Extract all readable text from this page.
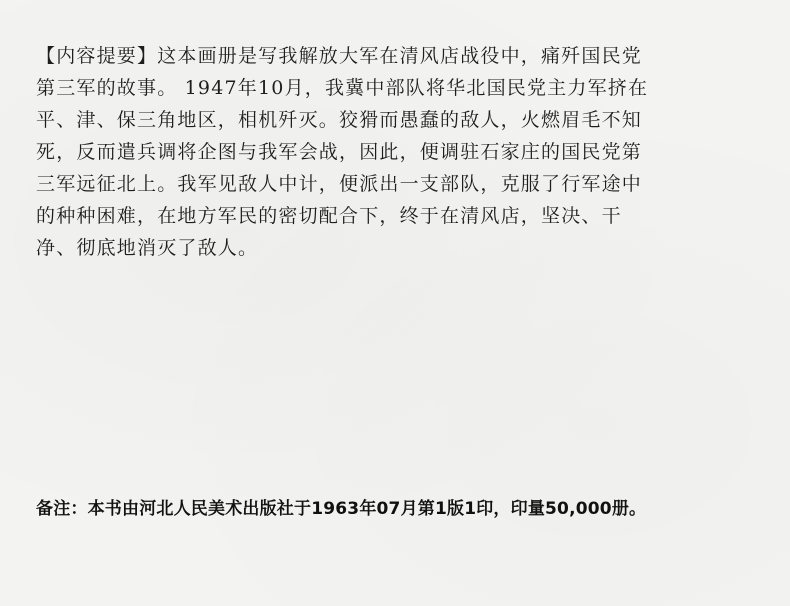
【内容提要】这本画册是写我解放大军在清风店战役中，痛歼国民党
第三军的故事。 1947年10月，我冀中部队将华北国民党主力军挤在
平、津、保三角地区，相机歼灭。狡猾而愚蠢的敌人，火燃眉毛不知
死，反而遣兵调将企图与我军会战，因此，便调驻石家庄的国民党第
三军远征北上。我军见敌人中计，便派出一支部队，克服了行军途中
的种种困难，在地方军民的密切配合下，终于在清风店，坚决、干
净、彻底地消灭了敌人。
备注：本书由河北人民美术出版社于1963年07月第1版1印，印量50,000册。
